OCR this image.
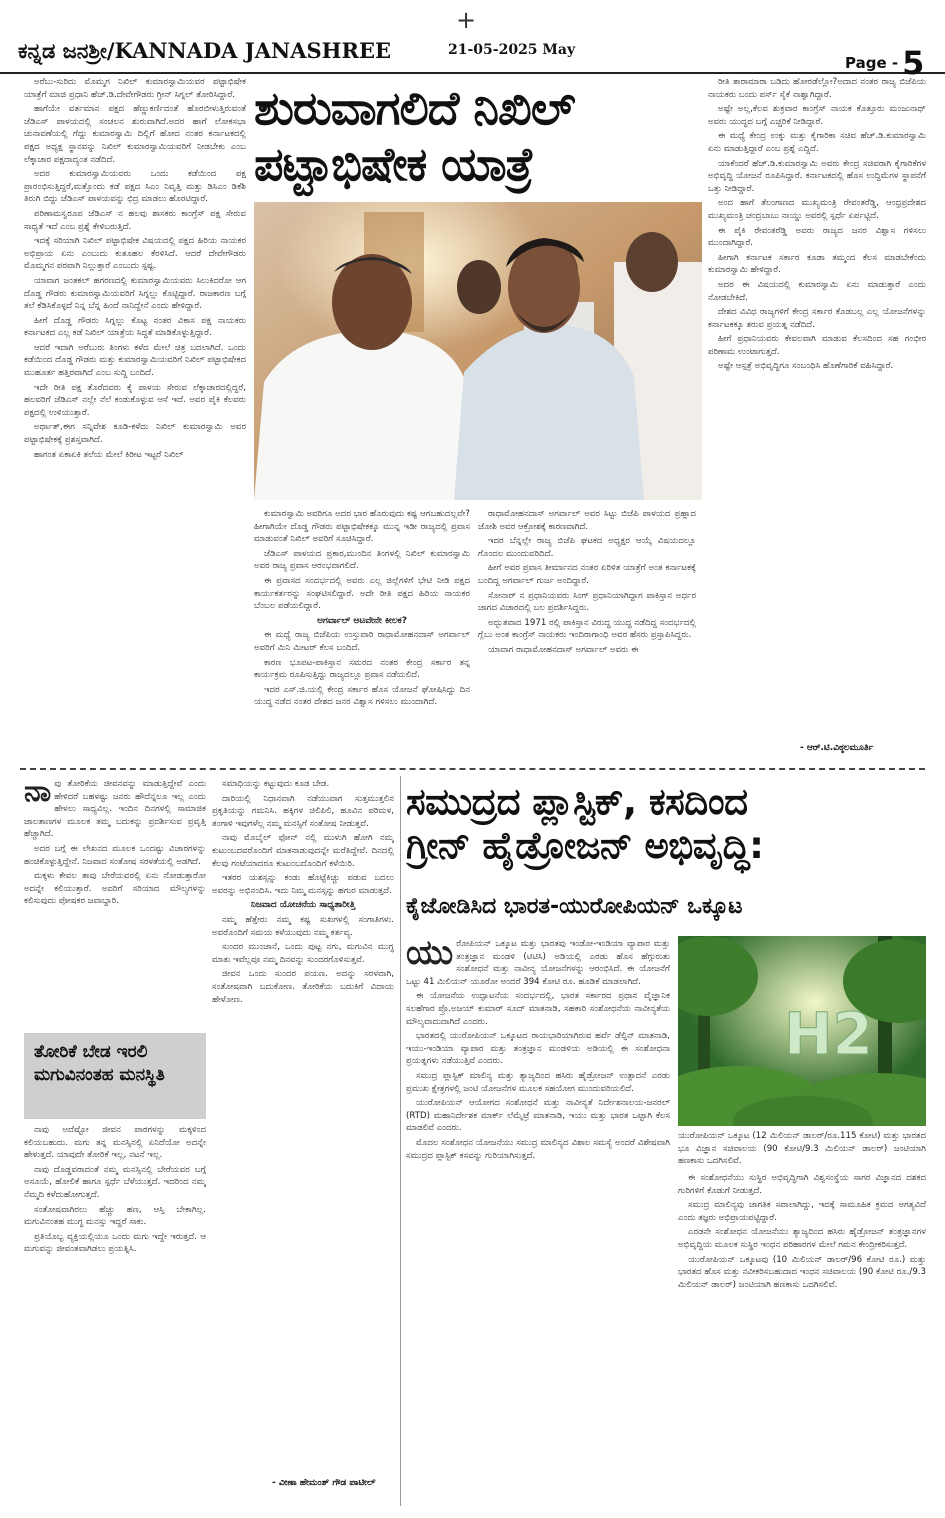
+
ಕನ್ನಡ ಜನಶ್ರೀ/KANNADA JANASHREE	21-05-2025 May
Page - 5
ಶುರುವಾಗಲಿದೆ ನಿಖಿಲ್
ಪಟ್ಟಾಭಿಷೇಕ ಯಾತ್ರೆ

ಅರೆಬು-ಸುರಿದು ಮೊಮ್ಮಗ ನಿಖಿಲ್ ಕುಮಾರಸ್ವಾಮಿಯವರ ಪಟ್ಟಾಭಿಷೇಕ ಯಾತ್ರೆಗೆ ಮಾಜಿ ಪ್ರಧಾನಿ ಹೆಚ್.ಡಿ.ದೇವೇಗೌಡರು ಗ್ರೀನ್ ಸಿಗ್ನಲ್ ತೋರಿಸಿದ್ದಾರೆ.

ಹಾಗೆಯೇ ವರ್ತಮಾನ ಪಕ್ಷದ ಹೆಣ್ಣುಕರ್ಣಿದಂತೆ ಹೊರಬೀಳುತ್ತಿರುವಂತೆ ಜೆಡಿಎಸ್ ಪಾಳಯದಲ್ಲಿ ಸಂಚಲನ ಶುರುವಾಗಿದೆ.ಅದರ ಹಾಗೆ ಲೋಕಸಭಾ ಚುನಾವಣೆಯಲ್ಲಿ ಗೆದ್ದು ಕುಮಾರಸ್ವಾಮಿ ದಿಲ್ಲಿಗೆ ಹೋದ ನಂತರ ಕರ್ನಾಟಕದಲ್ಲಿ ಪಕ್ಷದ ಅಧ್ಯಕ್ಷ ಸ್ಥಾನವನ್ನು ನಿಖಿಲ್ ಕುಮಾರಸ್ವಾಮಿಯವರಿಗೆ ನೀಡಬೇಕು ಎಂಬ ಲೆಕ್ಕಾಚಾರ ಪಕ್ಷದಾದ್ಯಂತ ನಡೆದಿದೆ.

ಅದರ ಕುಮಾರಸ್ವಾಮಿಯವರು ಒಂದು ಕಡೆಯಿಂದ ಪಕ್ಷ ಪ್ರಾರಂಭಿಸುತ್ತಿದ್ದರೆ,ಮತ್ತೊಂದು ಕಡೆ ಪಕ್ಷದ ಸಿಎಂ ನಿವೃತ್ತಿ ಮತ್ತು ಡಿಸಿಎಂ ಡಿಕೆಶಿ ತಿರುಗಿ ಬಿದ್ದು ಜೆಡಿಎಸ್ ಪಾಳಯವನ್ನು ಛಿದ್ರ ಮಾಡಲು ಹೊರಟಿದ್ದಾರೆ.

ಪರಿಣಾಮಸ್ವರೂಪ ಜೆಡಿಎಸ್ ನ ಹಲವು ಶಾಸಕರು ಕಾಂಗ್ರೆಸ್ ಪಕ್ಷ ಸೇರುವ ಸಾಧ್ಯತೆ ಇದೆ ಎಂಬ ಪ್ರಶ್ನೆ ಕೇಳಿಬರುತ್ತಿದೆ.

ಇದಕ್ಕೆ ಸರಿಯಾಗಿ ನಿಖಿಲ್ ಪಟ್ಟಾಭಿಷೇಕ ವಿಷಯದಲ್ಲಿ ಪಕ್ಷದ ಹಿರಿಯ ನಾಯಕರ ಅಭಿಪ್ರಾಯ ಏನು ಎಂಬುದು ಕುತೂಹಲ ಕೆರಳಿಸಿದೆ. ಆದರೆ ದೇವೇಗೌಡರು ಮೊಮ್ಮಗನ ಪರವಾಗಿ ನಿಲ್ಲುತ್ತಾರೆ ಎಂಬುದು ಸ್ಪಷ್ಟ.

ಯಾವಾಗ ಜಂತಕಲ್ ಹಗರಣದಲ್ಲಿ ಕುಮಾರಸ್ವಾಮಿಯವರು ಸಿಲುಕಿದರೋ ಆಗ ದೊಡ್ಡ ಗೌಡರು ಕುಮಾರಸ್ವಾಮಿಯವರಿಗೆ ಸಿಗ್ನಲ್ಲು ಕೊಟ್ಟಿದ್ದಾರೆ. ರಾಜಕಾರಣ ಬಗ್ಗೆ ತಲೆ ಕೆಡಿಸಿಕೊಳ್ಳದೆ ನಿನ್ನ ಬೆನ್ನ ಹಿಂದೆ ನಾನಿದ್ದೇನೆ ಎಂದು ಹೇಳಿದ್ದಾರೆ.

ಹೀಗೆ ದೊಡ್ಡ ಗೌಡರು ಸಿಗ್ನಲ್ಲು ಕೊಟ್ಟ ನಂತರ ವಿಕಾಸ ಪಕ್ಷ ನಾಯಕರು ಕರ್ನಾಟಕದ ಎಲ್ಲ ಕಡೆ ನಿಖಿಲ್ ಯಾತ್ರೆಯ ಸಿದ್ಧತೆ ಮಾಡಿಕೊಳ್ಳುತ್ತಿದ್ದಾರೆ.

ಆದರೆ ಇದಾಗಿ ಅರೆಬುರು ತಿಂಗಳು ಕಳೆದ ಮೇಲೆ ಚಿತ್ರ ಬದಲಾಗಿದೆ. ಒಂದು ಕಡೆಯಿಂದ ದೊಡ್ಡ ಗೌಡರು ಮತ್ತು ಕುಮಾರಸ್ವಾಮಿಯವರಿಗೆ ನಿಖಿಲ್ ಪಟ್ಟಾಭಿಷೇಕದ ಮುಹೂರ್ತ ಹತ್ತಿರವಾಗಿದೆ ಎಂಬ ಸುದ್ದಿ ಬಂದಿದೆ.

ಇದೇ ರೀತಿ ಪಕ್ಷ ತೊರೆದವರು ಕೈ ಪಾಳಯ ಸೇರುವ ಲೆಕ್ಕಾಚಾರದಲ್ಲಿದ್ದರೆ, ಹಲವರಿಗೆ ಜೆಡಿಎಸ್ ನಲ್ಲೇ ನೆಲೆ ಕಂಡುಕೊಳ್ಳುವ ಆಸೆ ಇದೆ. ಅವರ ಪೈಕಿ ಕೆಲವರು ಪಕ್ಷದಲ್ಲಿ ಉಳಿಯುತ್ತಾರೆ.

ಅರ್ಥಾತ್,ಈಗ ಸನ್ನಿವೇಶ ಕೂಡಿ-ಕಳೆದು ನಿಖಿಲ್ ಕುಮಾರಸ್ವಾಮಿ ಅವರ ಪಟ್ಟಾಭಿಷೇಕಕ್ಕೆ ಪ್ರಶಸ್ತವಾಗಿದೆ.

ಹಾಗಂತ ಏಕಾಏಕಿ ತಲೆಯ ಮೇಲೆ ಕಿರೀಟ ಇಟ್ಟರೆ ನಿಖಿಲ್

ಕುಮಾರಸ್ವಾಮಿ ಅವರಿಗೂ ಅದರ ಭಾರ ಹೊರುವುದು ಕಷ್ಟ ಆಗಬಹುದಲ್ಲವೇ?ಹೀಗಾಗಿಯೇ ದೊಡ್ಡ ಗೌಡರು ಪಟ್ಟಾಭಿಷೇಕಕ್ಕೂ ಮುನ್ನ ಇಡೀ ರಾಜ್ಯದಲ್ಲಿ ಪ್ರವಾಸ ಮಾಡುವಂತೆ ನಿಖಿಲ್ ಅವರಿಗೆ ಸೂಚಿಸಿದ್ದಾರೆ.

ಜೆಡಿಎಸ್ ಪಾಳಯದ ಪ್ರಕಾರ,ಮುಂದಿನ ತಿಂಗಳಲ್ಲಿ ನಿಖಿಲ್ ಕುಮಾರಸ್ವಾಮಿ ಅವರ ರಾಜ್ಯ ಪ್ರವಾಸ ಆರಂಭವಾಗಲಿದೆ.

ಈ ಪ್ರವಾಸದ ಸಂದರ್ಭದಲ್ಲಿ ಅವರು ಎಲ್ಲ ಜಿಲ್ಲೆಗಳಿಗೆ ಭೇಟಿ ನೀಡಿ ಪಕ್ಷದ ಕಾರ್ಯಕರ್ತರನ್ನು ಸಂಘಟಿಸಲಿದ್ದಾರೆ. ಅದೇ ರೀತಿ ಪಕ್ಷದ ಹಿರಿಯ ನಾಯಕರ ಬೆಂಬಲ ಪಡೆಯಲಿದ್ದಾರೆ.

ಅಗರ್ವಾಲ್ ಆಟವೇನೇ ಕೀಲಕ?

ಈ ಮಧ್ಯೆ ರಾಜ್ಯ ಬಿಜೆಪಿಯ ಉಸ್ತುವಾರಿ ರಾಧಾಮೋಹನದಾಸ್ ಅಗರ್ವಾಲ್ ಅವರಿಗೆ ಮಿನಿ ಮೀಟರ್ ಕೆಲಸ ಬಂದಿದೆ.

ಕಾರಣ ಭೂಪಟ-ಪಾಕಿಸ್ತಾನ ಸಮರದ ನಂತರ ಕೇಂದ್ರ ಸರ್ಕಾರ ತನ್ನ ಕಾರ್ಯಕ್ರಮ ರೂಪಿಸುತ್ತಿದ್ದು ರಾಜ್ಯದಲ್ಲೂ ಪ್ರವಾಸ ನಡೆಯಲಿದೆ.

ಇದರ ಎಸ್.ಜಿ.ಯಲ್ಲಿ ಕೇಂದ್ರ ಸರ್ಕಾರ ಹೊಸ ಯೋಜನೆ ಘೋಷಿಸಿದ್ದು ದಿನ ಯುದ್ಧ ನಡೆದ ನಂತರ ದೇಶದ ಜನರ ವಿಶ್ವಾಸ ಗಳಿಸಲು ಮುಂದಾಗಿದೆ.

ರಾಧಾಮೋಹನದಾಸ್ ಅಗರ್ವಾಲ್ ಅವರ ಸಿಟ್ಟು ಬಿಜೆಪಿ ಪಾಳಯದ ಪ್ರಹ್ಲಾದ ಜೋಶಿ ಅವರ ಆಕ್ರೋಶಕ್ಕೆ ಕಾರಣವಾಗಿದೆ.

ಇದರ ಬೆನ್ನಲ್ಲೇ ರಾಜ್ಯ ಬಿಜೆಪಿ ಘಟಕದ ಅಧ್ಯಕ್ಷರ ಆಯ್ಕೆ ವಿಷಯದಲ್ಲೂ ಗೊಂದಲ ಮುಂದುವರಿದಿದೆ.

ಹೀಗೆ ಅವರ ಪ್ರವಾಸ ತೀರ್ಮಾನದ ನಂತರ ಏರಿಳಿತ ಯಾತ್ರೆಗೆ ಅಂತ ಕರ್ನಾಟಕಕ್ಕೆ ಬಂದಿದ್ದ ಅಗರ್ವಾಲ್ ಗುರ್ಜ ಅಂದಿದ್ದಾರೆ.

ಸೋನಾರ್ ನ ಪ್ರಧಾನಿಯವರು ಸಿಂಗ್ ಪ್ರಧಾನಿಯಾಗಿದ್ದಾಗ ಪಾಕಿಸ್ತಾನ ಅರ್ಧರ ಜಾಗದ ವಿಚಾರದಲ್ಲಿ ಬಲ ಪ್ರದರ್ಶಿಸಿದ್ದರು.

ಅದ್ಭುತವಾದ 1971 ರಲ್ಲಿ ಪಾಕಿಸ್ತಾನ ವಿರುದ್ಧ ಯುದ್ಧ ನಡೆದಿದ್ದ ಸಂದರ್ಭದಲ್ಲಿ ಗ್ಲೆಬು ಅಂತ ಕಾಂಗ್ರೆಸ್ ನಾಯಕರು ಇಂದಿರಾಗಾಂಧಿ ಅವರ ಹೆಸರು ಪ್ರಸ್ತಾಪಿಸಿದ್ದರು.

ಯಾವಾಗ ರಾಧಾಮೋಹನದಾಸ್ ಅಗರ್ವಾಲ್ ಅವರು ಈ

ರೀತಿ ತಾರಾಮಾರಾ ಬಡಿದು ಹೋರಡೆಲ್ಲೋ?ಅದಾದ ನಂತರ ರಾಜ್ಯ ಬಿಜೆಪಿಯ ನಾಯಕರು ಬಂದು ಪರ್ಸ್ ಸೈಕೆ ನಾಶ್ವಾಗಿದ್ದಾರೆ.

ಅಷ್ಟೇ ಅಲ್ಲ,ಕೆಲವ ಶುಕ್ರವಾರ ಕಾಂಗ್ರೆಸ್ ನಾಯಕ ಕೊತ್ತೂರು ಮಂಜುನಾಥ್ ಅವರು ಯುದ್ಧದ ಬಗ್ಗೆ ಎಚ್ಚರಿಕೆ ನೀಡಿದ್ದಾರೆ.

ಈ ಮಧ್ಯೆ ಕೇಂದ್ರ ಉಕ್ಕು ಮತ್ತು ಕೈಗಾರಿಕಾ ಸಚಿವ ಹೆಚ್.ಡಿ.ಕುಮಾರಸ್ವಾಮಿ ಏನು ಮಾಡುತ್ತಿದ್ದಾರೆ ಎಂಬ ಪ್ರಶ್ನೆ ಎದ್ದಿದೆ.

ಯಾಕೆಂದರೆ ಹೆಚ್.ಡಿ.ಕುಮಾರಸ್ವಾಮಿ ಅವರು ಕೇಂದ್ರ ಸಚಿವರಾಗಿ ಕೈಗಾರಿಕೆಗಳ ಅಭಿವೃದ್ಧಿ ಯೋಜನೆ ರೂಪಿಸಿದ್ದಾರೆ. ಕರ್ನಾಟಕದಲ್ಲಿ ಹೊಸ ಉದ್ದಿಮೆಗಳ ಸ್ಥಾಪನೆಗೆ ಒತ್ತು ನೀಡಿದ್ದಾರೆ.

ಅಂದ ಹಾಗೆ ತೆಲಂಗಾಣದ ಮುಖ್ಯಮಂತ್ರಿ ರೇವಂತರೆಡ್ಡಿ, ಆಂಧ್ರಪ್ರದೇಶದ ಮುಖ್ಯಮಂತ್ರಿ ಚಂದ್ರಬಾಬು ನಾಯ್ಡು ಅವರಲ್ಲಿ ಸ್ಪರ್ಧೆ ಏರ್ಪಟ್ಟಿದೆ.

ಈ ಪೈಕಿ ರೇವಂತರೆಡ್ಡಿ ಅವರು ರಾಜ್ಯದ ಜನರ ವಿಶ್ವಾಸ ಗಳಿಸಲು ಮುಂದಾಗಿದ್ದಾರೆ.

ಹೀಗಾಗಿ ಕರ್ನಾಟಕ ಸರ್ಕಾರ ಕೂಡಾ ತಮ್ಮಂದ ಕೆಲಸ ಮಾಡಬೇಕೆಂದು ಕುಮಾರಸ್ವಾಮಿ ಹೇಳಿದ್ದಾರೆ.

ಅದರ ಈ ವಿಷಯದಲ್ಲಿ ಕುಮಾರಸ್ವಾಮಿ ಏನು ಮಾಡುತ್ತಾರೆ ಎಂದು ನೋಡಬೇಕಿದೆ.

ದೇಶದ ವಿವಿಧ ರಾಜ್ಯಗಳಿಗೆ ಕೇಂದ್ರ ಸರ್ಕಾರ ಕೊಡಬಲ್ಲ ಎಲ್ಲ ಯೋಜನೆಗಳನ್ನು ಕರ್ನಾಟಕಕ್ಕೂ ತರುವ ಪ್ರಯತ್ನ ನಡೆದಿದೆ.

ಹೀಗೆ ಪ್ರಧಾನಿಯವರು ಕೇವಲವಾಗಿ ಮಾಡುವ ಕೆಲಸದಿಂದ ಸಹ ಗಂಭೀರ ಪರಿಣಾಮ ಉಂಟಾಗುತ್ತದೆ.

ಅಷ್ಟೇ ಆಸ್ಪತ್ರೆ ಅಭಿವೃದ್ಧಿಗೂ ಸಂಬಂಧಿಸಿ ಹೊಣೆಗಾರಿಕೆ ವಹಿಸಿದ್ದಾರೆ.

- ಆರ್.ಟಿ.ವಿಠ್ಠಲಮೂರ್ತಿ

ನಾವು ತೋರಿಕೆಯ ಜೀವನವನ್ನು ಮಾಡುತ್ತಿದ್ದೇವೆ ಎಂದು ಹೇಳಿದರೆ ಬಹಳಷ್ಟು ಜನರು ಹೌದೆನ್ನಲೂ ಇಲ್ಲ ಎಂದು ಹೇಳಲು ಸಾಧ್ಯವಿಲ್ಲ. ಇಂದಿನ ದಿನಗಳಲ್ಲಿ ಸಾಮಾಜಿಕ ಜಾಲತಾಣಗಳ ಮೂಲಕ ತಮ್ಮ ಬದುಕನ್ನು ಪ್ರದರ್ಶಿಸುವ ಪ್ರವೃತ್ತಿ ಹೆಚ್ಚಾಗಿದೆ.

ಅದರ ಬಗ್ಗೆ ಈ ಲೇಖನದ ಮೂಲಕ ಒಂದಷ್ಟು ವಿಚಾರಗಳನ್ನು ಹಂಚಿಕೊಳ್ಳುತ್ತಿದ್ದೇನೆ. ನಿಜವಾದ ಸಂತೋಷ ಸರಳತೆಯಲ್ಲಿ ಅಡಗಿದೆ.

ಮಕ್ಕಳು ಕೇವಲ ತಾವು ಬೇರೆಯವರಲ್ಲಿ ಏನು ನೋಡುತ್ತಾರೋ ಅದನ್ನೇ ಕಲಿಯುತ್ತಾರೆ. ಅವರಿಗೆ ಸರಿಯಾದ ಮೌಲ್ಯಗಳನ್ನು ಕಲಿಸುವುದು ಪೋಷಕರ ಜವಾಬ್ದಾರಿ.

ತೋರಿಕೆ ಬೇಡ ಇರಲಿ ಮಗುವಿನಂತಹ ಮನಸ್ಥಿತಿ

ನಾವು ಅದೆಷ್ಟೋ ಜೀವನ ಪಾಠಗಳನ್ನು ಮಕ್ಕಳಿಂದ ಕಲಿಯಬಹುದು. ಮಗು ತನ್ನ ಮನಸ್ಸಿನಲ್ಲಿ ಏನಿದೆಯೋ ಅದನ್ನೇ ಹೇಳುತ್ತದೆ. ಯಾವುದೇ ತೋರಿಕೆ ಇಲ್ಲ, ನಟನೆ ಇಲ್ಲ.

ನಾವು ದೊಡ್ಡವರಾದಂತೆ ನಮ್ಮ ಮನಸ್ಸಿನಲ್ಲಿ ಬೇರೆಯವರ ಬಗ್ಗೆ ಅಸೂಯೆ, ಹೋಲಿಕೆ ಹಾಗೂ ಸ್ಪರ್ಧೆ ಬೆಳೆಯುತ್ತದೆ. ಇದರಿಂದ ನಮ್ಮ ನೆಮ್ಮದಿ ಕಳೆದುಹೋಗುತ್ತದೆ.

ಸಂತೋಷವಾಗಿರಲು ಹೆಚ್ಚು ಹಣ, ಆಸ್ತಿ ಬೇಕಾಗಿಲ್ಲ. ಮಗುವಿನಂತಹ ಮುಗ್ಧ ಮನಸ್ಸು ಇದ್ದರೆ ಸಾಕು.

ಪ್ರತಿಯೊಬ್ಬ ವ್ಯಕ್ತಿಯಲ್ಲಿಯೂ ಒಂದು ಮಗು ಇದ್ದೇ ಇರುತ್ತದೆ. ಆ ಮಗುವನ್ನು ಜೀವಂತವಾಗಿಡಲು ಪ್ರಯತ್ನಿಸಿ.

ಸಮಾಧಿಯನ್ನು ಕಟ್ಟುವುದು ಕೂಡ ಬೇಡ.

ದಾರಿಯಲ್ಲಿ ನಿಧಾನವಾಗಿ ನಡೆಯುವಾಗ ಸುತ್ತಮುತ್ತಲಿನ ಪ್ರಕೃತಿಯನ್ನು ಗಮನಿಸಿ. ಹಕ್ಕಿಗಳ ಚಿಲಿಪಿಲಿ, ಹೂವಿನ ಪರಿಮಳ, ತಂಗಾಳಿ ಇವುಗಳೆಲ್ಲ ನಮ್ಮ ಮನಸ್ಸಿಗೆ ಸಂತೋಷ ನೀಡುತ್ತವೆ.

ನಾವು ಮೊಬೈಲ್ ಫೋನ್ ನಲ್ಲಿ ಮುಳುಗಿ ಹೋಗಿ ನಮ್ಮ ಕುಟುಂಬದವರೊಂದಿಗೆ ಮಾತನಾಡುವುದನ್ನೇ ಮರೆತಿದ್ದೇವೆ. ದಿನದಲ್ಲಿ ಕೆಲವು ಗಂಟೆಯಾದರೂ ಕುಟುಂಬದೊಂದಿಗೆ ಕಳೆಯಿರಿ.

ಇತರರ ಯಶಸ್ಸನ್ನು ಕಂಡು ಹೊಟ್ಟೆಕಿಚ್ಚು ಪಡುವ ಬದಲು ಅವರನ್ನು ಅಭಿನಂದಿಸಿ. ಇದು ನಿಮ್ಮ ಮನಸ್ಸನ್ನು ಹಗುರ ಮಾಡುತ್ತದೆ.

ನಿಜವಾದ ಯೋಚನೆಯ ಸಾಧ್ಯತಾರೀತ್ತಿ

ನಮ್ಮ ಹೆತ್ತೇರು ನಮ್ಮ ಕಷ್ಟ ಸುಖಗಳಲ್ಲಿ ಸಂಗಾತಿಗಳು. ಅವರೊಂದಿಗೆ ಸಮಯ ಕಳೆಯುವುದು ನಮ್ಮ ಕರ್ತವ್ಯ.

ಸುಂದರ ಮುಂಜಾನೆ, ಒಂದು ಪುಟ್ಟ ನಗು, ಮಗುವಿನ ಮುಗ್ಧ ಮಾತು ಇವೆಲ್ಲವೂ ನಮ್ಮ ದಿನವನ್ನು ಸುಂದರಗೊಳಿಸುತ್ತವೆ.

ಜೀವನ ಒಂದು ಸುಂದರ ಪಯಣ. ಅದನ್ನು ಸರಳವಾಗಿ, ಸಂತೋಷವಾಗಿ ಬದುಕೋಣ. ತೋರಿಕೆಯ ಬದುಕಿಗೆ ವಿದಾಯ ಹೇಳೋಣ.

- ವೀಣಾ ಹೇಮಂತ್ ಗೌಡ ಪಾಟೀಲ್
ಸಮುದ್ರದ ಪ್ಲಾಸ್ಟಿಕ್, ಕಸದಿಂದ
ಗ್ರೀನ್ ಹೈಡ್ರೋಜನ್ ಅಭಿವೃದ್ಧಿ:
ಕೈಜೋಡಿಸಿದ ಭಾರತ-ಯುರೋಪಿಯನ್ ಒಕ್ಕೂಟ

ಯುರೋಪಿಯನ್ ಒಕ್ಕೂಟ ಮತ್ತು ಭಾರತವು ಇಂಡೋ-ಇಂಡಿಯಾ ವ್ಯಾಪಾರ ಮತ್ತು ತಂತ್ರಜ್ಞಾನ ಮಂಡಳಿ (ಟಿಟಿಸಿ) ಅಡಿಯಲ್ಲಿ ಎರಡು ಹೊಸ ಹೆಗ್ಗುರುತು ಸಂಶೋಧನೆ ಮತ್ತು ನಾವೀನ್ಯ ಯೋಜನೆಗಳನ್ನು ಆರಂಭಿಸಿದೆ. ಈ ಯೋಜನೆಗೆ ಒಟ್ಟು 41 ಮಿಲಿಯನ್ ಯೂರೋ ಅಂದರೆ 394 ಕೋಟಿ ರೂ. ಹೂಡಿಕೆ ಮಾಡಲಾಗಿದೆ.

ಈ ಯೋಜನೆಯ ಉದ್ಘಾಟನೆಯ ಸಂದರ್ಭದಲ್ಲಿ, ಭಾರತ ಸರ್ಕಾರದ ಪ್ರಧಾನ ವೈಜ್ಞಾನಿಕ ಸಲಹೆಗಾರ ಪ್ರೊ.ಅಜಯ್ ಕುಮಾರ್ ಸೂದ್ ಮಾತನಾಡಿ, ಸಹಕಾರಿ ಸಂಶೋಧನೆಯ ನಾವೀನ್ಯತೆಯ ಮೌಲ್ಯವಾದುದಾಗಿದೆ ಎಂದರು.

ಭಾರತದಲ್ಲಿ ಯುರೋಪಿಯನ್ ಒಕ್ಕೂಟದ ರಾಯಭಾರಿಯಾಗಿರುವ ಹರ್ವೆ ಡೆಲ್ಫಿನ್ ಮಾತನಾಡಿ, ಇಯು-ಇಂಡಿಯಾ ವ್ಯಾಪಾರ ಮತ್ತು ತಂತ್ರಜ್ಞಾನ ಮಂಡಳಿಯ ಅಡಿಯಲ್ಲಿ ಈ ಸಂಶೋಧನಾ ಪ್ರಯತ್ನಗಳು ನಡೆಯುತ್ತಿವೆ ಎಂದರು.

ಸಮುದ್ರ ಪ್ಲಾಸ್ಟಿಕ್ ಮಾಲಿನ್ಯ ಮತ್ತು ತ್ಯಾಜ್ಯದಿಂದ ಹಸಿರು ಹೈಡ್ರೋಜನ್ ಉತ್ಪಾದನೆ ಎರಡು ಪ್ರಮುಖ ಕ್ಷೇತ್ರಗಳಲ್ಲಿ ಜಂಟಿ ಯೋಜನೆಗಳ ಮೂಲಕ ಸಹಯೋಗ ಮುಂದುವರಿಯಲಿದೆ.

ಯುರೋಪಿಯನ್ ಆಯೋಗದ ಸಂಶೋಧನೆ ಮತ್ತು ನಾವೀನ್ಯತೆ ನಿರ್ದೇಶನಾಲಯ-ಜನರಲ್ (RTD) ಮಹಾನಿರ್ದೇಶಕ ಮಾರ್ಕ್ ಲೆಮೈಟ್ರೆ ಮಾತನಾಡಿ, ಇಯು ಮತ್ತು ಭಾರತ ಒಟ್ಟಾಗಿ ಕೆಲಸ ಮಾಡಲಿವೆ ಎಂದರು.

ಮೊದಲ ಸಂಶೋಧನ ಯೋಜನೆಯು ಸಮುದ್ರ ಮಾಲಿನ್ಯದ ವಿಶಾಲ ಸಮಸ್ಯೆ ಅಂದರೆ ವಿಶೇಷವಾಗಿ ಸಮುದ್ರದ ಪ್ಲಾಸ್ಟಿಕ್ ಕಸವನ್ನು ಗುರಿಯಾಗಿಸುತ್ತದೆ.

H2

ಯುರೋಪಿಯನ್ ಒಕ್ಕೂಟ (12 ಮಿಲಿಯನ್ ಡಾಲರ್/ರೂ.115 ಕೋಟಿ) ಮತ್ತು ಭಾರತದ ಭೂ ವಿಜ್ಞಾನ ಸಚಿವಾಲಯ (90 ಕೋಟಿ/9.3 ಮಿಲಿಯನ್ ಡಾಲರ್) ಜಂಟಿಯಾಗಿ ಹಣಕಾಸು ಒದಗಿಸಲಿವೆ.

ಈ ಸಂಶೋಧನೆಯು ಸುಸ್ಥಿರ ಅಭಿವೃದ್ಧಿಗಾಗಿ ವಿಶ್ವಸಂಸ್ಥೆಯ ಸಾಗರ ವಿಜ್ಞಾನದ ದಶಕದ ಗುರಿಗಳಿಗೆ ಕೊಡುಗೆ ನೀಡುತ್ತದೆ.

ಸಮುದ್ರ ಮಾಲಿನ್ಯವು ಜಾಗತಿಕ ಸವಾಲಾಗಿದ್ದು, ಇದಕ್ಕೆ ಸಾಮೂಹಿಕ ಕ್ರಮದ ಅಗತ್ಯವಿದೆ ಎಂದು ತಜ್ಞರು ಅಭಿಪ್ರಾಯಪಟ್ಟಿದ್ದಾರೆ.

ಎರಡನೇ ಸಂಶೋಧನ ಯೋಜನೆಯು ತ್ಯಾಜ್ಯದಿಂದ ಹಸಿರು ಹೈಡ್ರೋಜನ್ ತಂತ್ರಜ್ಞಾನಗಳ ಅಭಿವೃದ್ಧಿಯ ಮೂಲಕ ಸುಸ್ಥಿರ ಇಂಧನ ಪರಿಹಾರಗಳ ಮೇಲೆ ಗಮನ ಕೇಂದ್ರೀಕರಿಸುತ್ತದೆ.

ಯುರೋಪಿಯನ್ ಒಕ್ಕೂಟವು (10 ಮಿಲಿಯನ್ ಡಾಲರ್/96 ಕೋಟಿ ರೂ.) ಮತ್ತು ಭಾರತದ ಹೊಸ ಮತ್ತು ನವೀಕರಿಸಬಹುದಾದ ಇಂಧನ ಸಚಿವಾಲಯ (90 ಕೋಟಿ ರೂ./9.3 ಮಿಲಿಯನ್ ಡಾಲರ್) ಜಂಟಿಯಾಗಿ ಹಣಕಾಸು ಒದಗಿಸಲಿವೆ.
